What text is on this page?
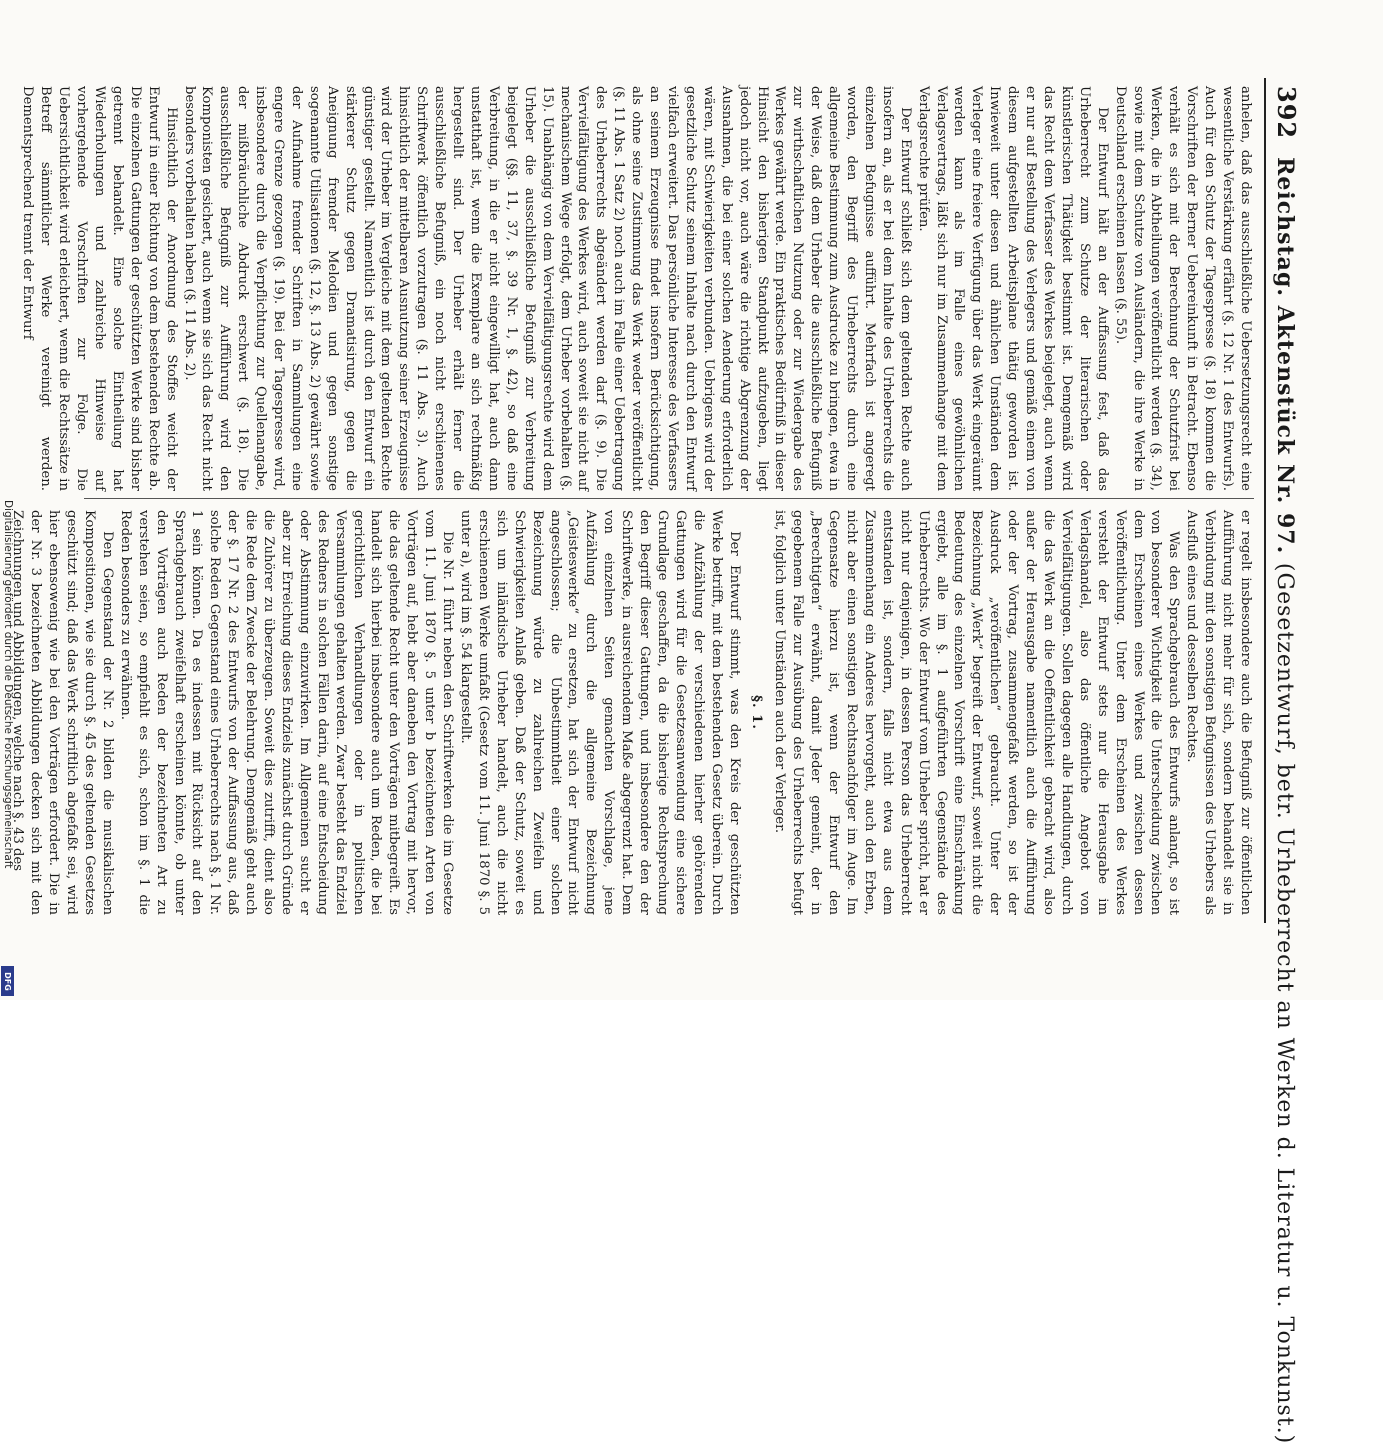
Digitalisierung gefördert durch die Deutsche Forschungsgemeinschaft
DFG
392
Reichstag. Aktenstück Nr. 97. (Gesetzentwurf, betr. Urheberrecht an Werken d. Literatur u. Tonkunst.)

anhelen, daß das ausschließliche Uebersetzungsrecht eine wesentliche Verstärkung erfährt (§. 12 Nr. 1 des Entwurfs). Auch für den Schutz der Tagespresse (§. 18) kommen die Vorschriften der Berner Uebereinkunft in Betracht. Ebenso verhält es sich mit der Berechnung der Schutzfrist bei Werken, die in Abtheilungen veröffentlicht werden (§. 34), sowie mit dem Schutze von Ausländern, die ihre Werke in Deutschland erscheinen lassen (§. 55).

Der Entwurf hält an der Auffassung fest, daß das Urheberrecht zum Schutze der literarischen oder künstlerischen Thätigkeit bestimmt ist. Demgemäß wird das Recht dem Verfasser des Werkes beigelegt, auch wenn er nur auf Bestellung des Verlegers und gemäß einem von diesem aufgestellten Arbeitsplane thätig geworden ist. Inwieweit unter diesen und ähnlichen Umständen dem Verleger eine freiere Verfügung über das Werk eingeräumt werden kann als im Falle eines gewöhnlichen Verlagsvertrags, läßt sich nur im Zusammenhange mit dem Verlagsrechte prüfen.

Der Entwurf schließt sich dem geltenden Rechte auch insofern an, als er bei dem Inhalte des Urheberrechts die einzelnen Befugnisse aufführt. Mehrfach ist angeregt worden, den Begriff des Urheberrechts durch eine allgemeine Bestimmung zum Ausdrucke zu bringen, etwa in der Weise, daß dem Urheber die ausschließliche Befugniß zur wirthschaftlichen Nutzung oder zur Wiedergabe des Werkes gewährt werde. Ein praktisches Bedürfniß in dieser Hinsicht den bisherigen Standpunkt aufzugeben, liegt jedoch nicht vor, auch wäre die richtige Abgrenzung der Ausnahmen, die bei einer solchen Aenderung erforderlich wären, mit Schwierigkeiten verbunden. Uebrigens wird der gesetzliche Schutz seinem Inhalte nach durch den Entwurf vielfach erweitert. Das persönliche Interesse des Verfassers an seinem Erzeugnisse findet insofern Berücksichtigung, als ohne seine Zustimmung das Werk weder veröffentlicht (§. 11 Abs. 1 Satz 2) noch auch im Falle einer Uebertragung des Urheberrechts abgeändert werden darf (§. 9). Die Vervielfältigung des Werkes wird, auch soweit sie nicht auf mechanischem Wege erfolgt, dem Urheber vorbehalten (§. 15). Unabhängig von dem Vervielfältigungsrechte wird dem Urheber die ausschließliche Befugniß zur Verbreitung beigelegt (§§. 11, 37, §. 39 Nr. 1, §. 42), so daß eine Verbreitung, in die er nicht eingewilligt hat, auch dann unstatthaft ist, wenn die Exemplare an sich rechtmäßig hergestellt sind. Der Urheber erhält ferner die ausschließliche Befugniß, ein noch nicht erschienenes Schriftwerk öffentlich vorzutragen (§. 11 Abs. 3). Auch hinsichtlich der mittelbaren Ausnutzung seiner Erzeugnisse wird der Urheber im Vergleiche mit dem geltenden Rechte günstiger gestellt. Namentlich ist durch den Entwurf ein stärkerer Schutz gegen Dramatisirung, gegen die Aneignung fremder Melodien und gegen sonstige sogenannte Utilisationen (§. 12, §. 13 Abs. 2) gewährt sowie der Aufnahme fremder Schriften in Sammlungen eine engere Grenze gezogen (§. 19). Bei der Tagespresse wird, insbesondere durch die Verpflichtung zur Quellenangabe, der mißbräuchliche Abdruck erschwert (§. 18). Die ausschließliche Befugniß zur Aufführung wird den Komponisten gesichert, auch wenn sie sich das Recht nicht besonders vorbehalten haben (§. 11 Abs. 2).

Hinsichtlich der Anordnung des Stoffes weicht der Entwurf in einer Richtung von dem bestehenden Rechte ab. Die einzelnen Gattungen der geschützten Werke sind bisher getrennt behandelt. Eine solche Eintheilung hat Wiederholungen und zahlreiche Hinweise auf vorhergehende Vorschriften zur Folge. Die Uebersichtlichkeit wird erleichtert, wenn die Rechtssätze in Betreff sämmtlicher Werke vereinigt werden. Dementsprechend trennt der Entwurf

er regelt insbesondere auch die Befugniß zur öffentlichen Aufführung nicht mehr für sich, sondern behandelt sie in Verbindung mit den sonstigen Befugnissen des Urhebers als Ausfluß eines und desselben Rechtes.

Was den Sprachgebrauch des Entwurfs anlangt, so ist von besonderer Wichtigkeit die Unterscheidung zwischen dem Erscheinen eines Werkes und zwischen dessen Veröffentlichung. Unter dem Erscheinen des Werkes versteht der Entwurf stets nur die Herausgabe im Verlagshandel, also das öffentliche Angebot von Vervielfältigungen. Sollen dagegen alle Handlungen, durch die das Werk an die Oeffentlichkeit gebracht wird, also außer der Herausgabe namentlich auch die Aufführung oder der Vortrag, zusammengefaßt werden, so ist der Ausdruck „veröffentlichen“ gebraucht. Unter der Bezeichnung „Werk“ begreift der Entwurf, soweit nicht die Bedeutung des einzelnen Vorschrift eine Einschränkung ergiebt, alle im §. 1 aufgeführten Gegenstände des Urheberrechts. Wo der Entwurf vom Urheber spricht, hat er nicht nur denjenigen, in dessen Person das Urheberrecht entstanden ist, sondern, falls nicht etwa aus dem Zusammenhang ein Anderes hervorgeht, auch den Erben, nicht aber einen sonstigen Rechtsnachfolger im Auge. Im Gegensatze hierzu ist, wenn der Entwurf den „Berechtigten“ erwähnt, damit Jeder gemeint, der in gegebenem Falle zur Ausübung des Urheberrechts befugt ist, folglich unter Umständen auch der Verleger.

§. 1.

Der Entwurf stimmt, was den Kreis der geschützten Werke betrifft, mit dem bestehenden Gesetz überein. Durch die Aufzählung der verschiedenen hierher gehörenden Gattungen wird für die Gesetzesanwendung eine sichere Grundlage geschaffen, da die bisherige Rechtsprechung den Begriff dieser Gattungen, und insbesondere den der Schriftwerke, in ausreichendem Maße abgegrenzt hat. Dem von einzelnen Seiten gemachten Vorschlage, jene Aufzählung durch die allgemeine Bezeichnung „Geisteswerke“ zu ersetzen, hat sich der Entwurf nicht angeschlossen; die Unbestimmtheit einer solchen Bezeichnung würde zu zahlreichen Zweifeln und Schwierigkeiten Anlaß geben. Daß der Schutz, soweit es sich um inländische Urheber handelt, auch die nicht erschienenen Werke umfaßt (Gesetz vom 11. Juni 1870 §. 5 unter a), wird im §. 54 klargestellt.

Die Nr. 1 führt neben den Schriftwerken die im Gesetze vom 11. Juni 1870 §. 5 unter b bezeichneten Arten von Vorträgen auf, hebt aber daneben den Vortrag mit hervor, die das geltende Recht unter den Vorträgen mitbegreift. Es handelt sich hierbei insbesondere auch um Reden, die bei gerichtlichen Verhandlungen oder in politischen Versammlungen gehalten werden. Zwar besteht das Endziel des Redners in solchen Fällen darin, auf eine Entscheidung oder Abstimmung einzuwirken. Im Allgemeinen sucht er aber zur Erreichung dieses Endziels zunächst durch Gründe die Zuhörer zu überzeugen. Soweit dies zutrifft, dient also die Rede dem Zwecke der Belehrung. Demgemäß geht auch der §. 17 Nr. 2 des Entwurfs von der Auffassung aus, daß solche Reden Gegenstand eines Urheberrechts nach §. 1 Nr. 1 sein können. Da es indessen mit Rücksicht auf den Sprachgebrauch zweifelhaft erscheinen könnte, ob unter den Vorträgen auch Reden der bezeichneten Art zu verstehen seien, so empfiehlt es sich, schon im §. 1 die Reden besonders zu erwähnen.

Den Gegenstand der Nr. 2 bilden die musikalischen Kompositionen, wie sie durch §. 45 des geltenden Gesetzes geschützt sind; daß das Werk schriftlich abgefaßt sei, wird hier ebensowenig wie bei den Vorträgen erfordert. Die in der Nr. 3 bezeichneten Abbildungen decken sich mit den Zeichnungen und Abbildungen, welche nach §. 43 des
